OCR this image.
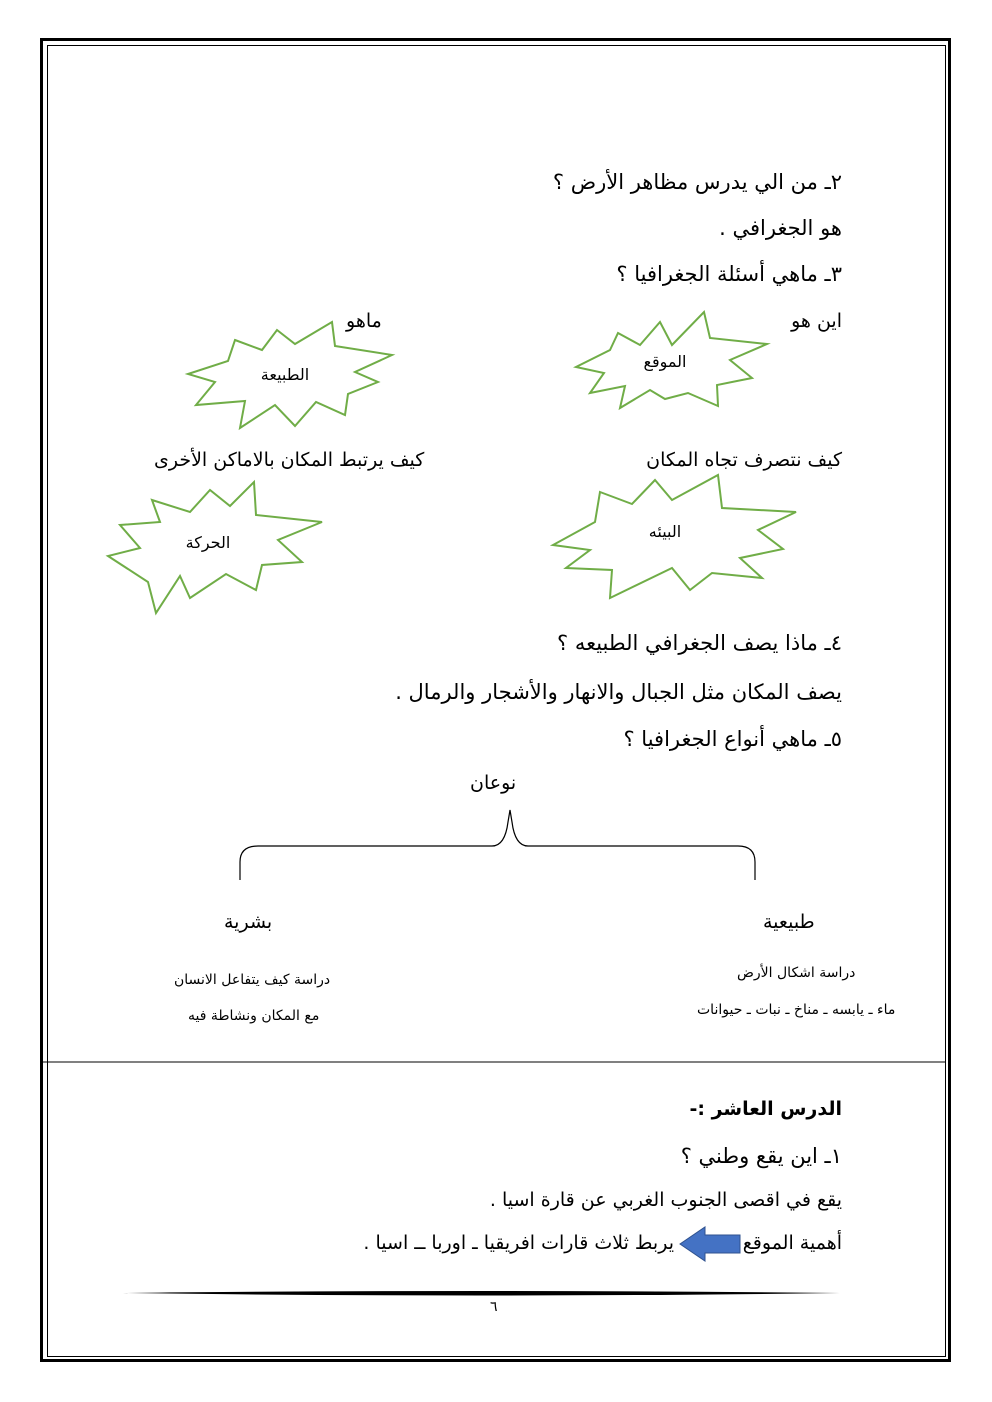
٢ـ من الي يدرس مظاهر الأرض ؟
هو الجغرافي .
٣ـ ماهي أسئلة الجغرافيا ؟
اين هو
ماهو
الموقع
الطبيعة
كيف نتصرف تجاه المكان
كيف يرتبط المكان بالاماكن الأخرى
البيئه
الحركة
٤ـ ماذا يصف الجغرافي الطبيعه ؟
يصف المكان مثل الجبال والانهار والأشجار والرمال .
٥ـ ماهي أنواع الجغرافيا ؟
نوعان
طبيعية
بشرية
دراسة اشكال الأرض
ماء ـ يابسه ـ مناخ ـ نبات ـ حيوانات
دراسة كيف يتفاعل الانسان
مع المكان ونشاطة فيه
الدرس العاشر :-
١ـ اين يقع وطني ؟
يقع في اقصى الجنوب الغربي عن قارة اسيا .
أهمية الموقع
يربط ثلاث قارات افريقيا ـ اوربا ــ اسيا .
٦
